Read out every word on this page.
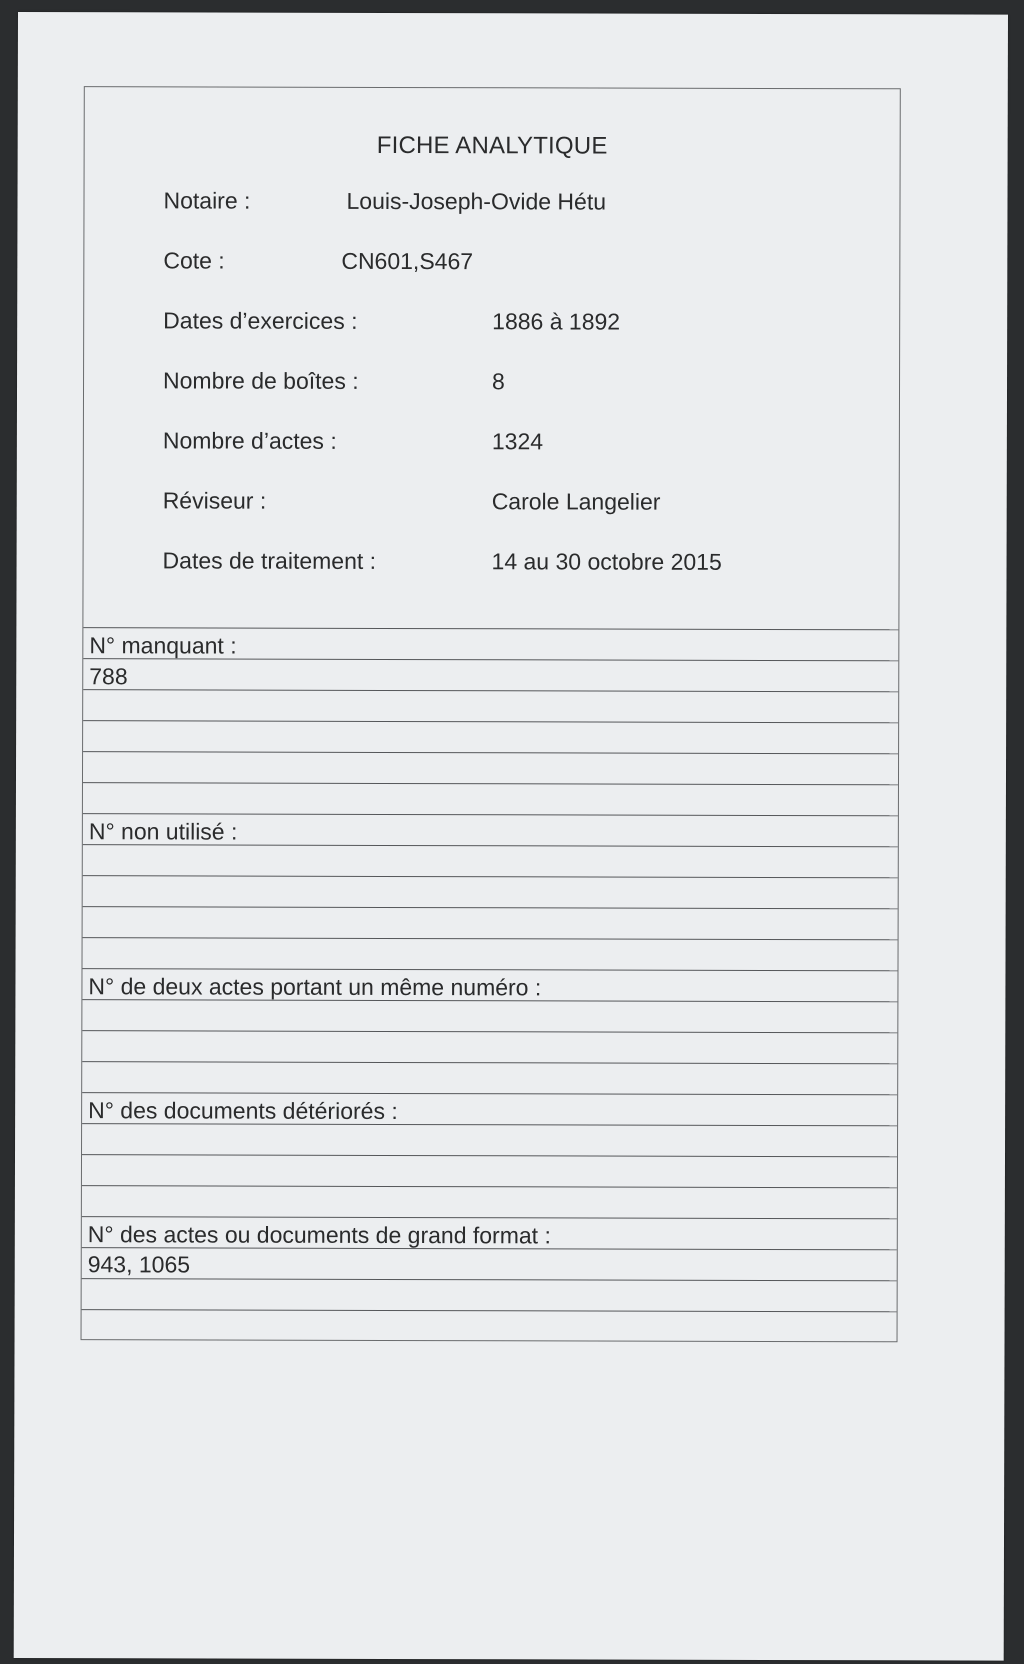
FICHE ANALYTIQUE
Notaire :	Louis-Joseph-Ovide Hétu
Cote :	CN601,S467
Dates d’exercices :	1886 à 1892
Nombre de boîtes :	8
Nombre d’actes :	1324
Réviseur :	Carole Langelier
Dates de traitement :	14 au 30 octobre 2015
N° manquant :
788
N° non utilisé :
N° de deux actes portant un même numéro :
N° des documents détériorés :
N° des actes ou documents de grand format :
943, 1065
